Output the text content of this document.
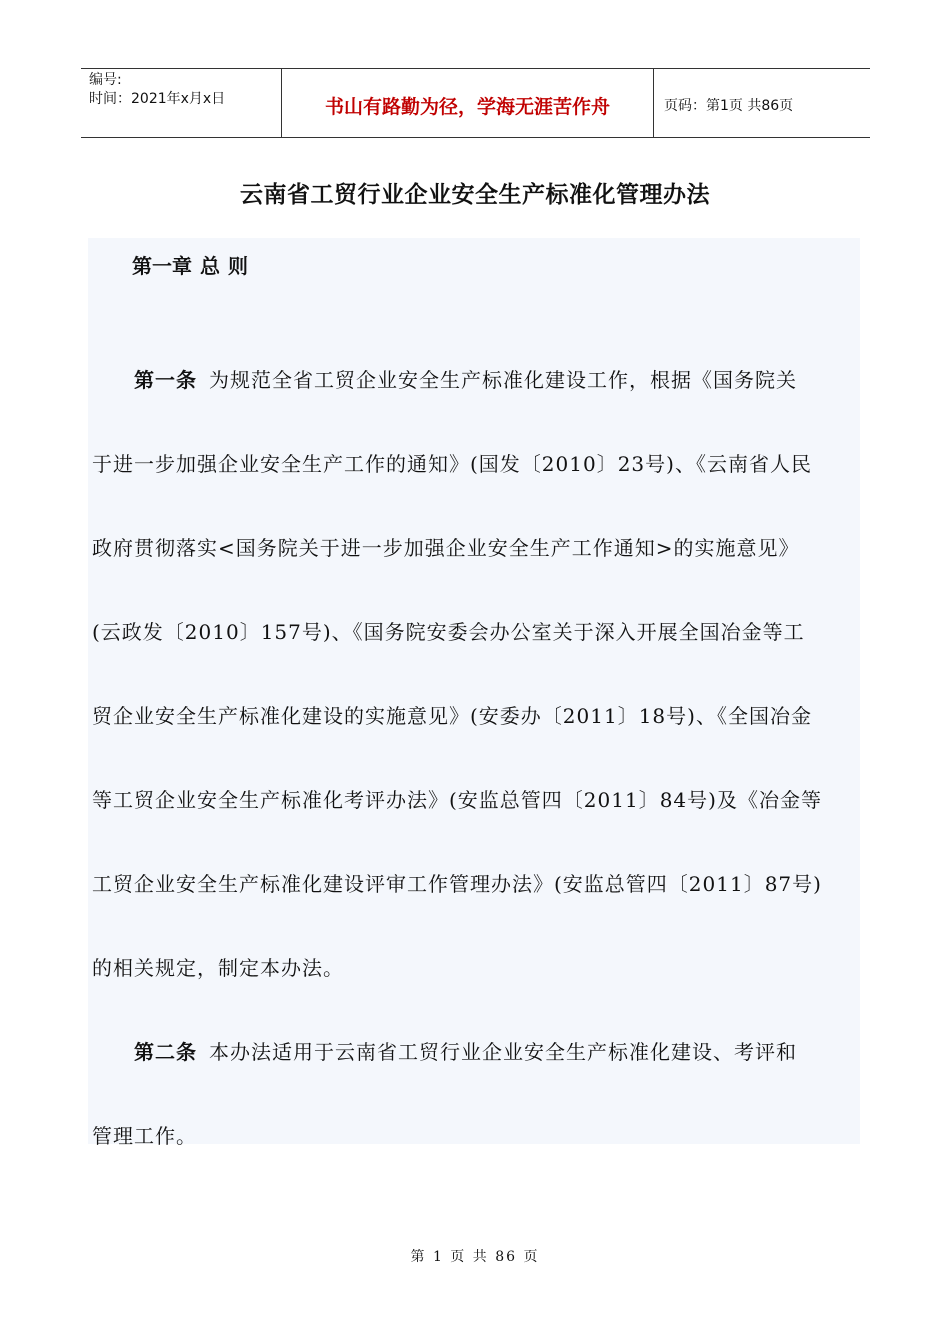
编号:
时间：2021年x月x日	书山有路勤为径，学海无涯苦作舟	页码：第1页 共86页
云南省工贸行业企业安全生产标准化管理办法
第一章 总 则
第一条 为规范全省工贸企业安全生产标准化建设工作，根据《国务院关
于进一步加强企业安全生产工作的通知》(国发〔2010〕23号)、《云南省人民
政府贯彻落实<国务院关于进一步加强企业安全生产工作通知>的实施意见》
(云政发〔2010〕157号)、《国务院安委会办公室关于深入开展全国冶金等工
贸企业安全生产标准化建设的实施意见》(安委办〔2011〕18号)、《全国冶金
等工贸企业安全生产标准化考评办法》(安监总管四〔2011〕84号)及《冶金等
工贸企业安全生产标准化建设评审工作管理办法》(安监总管四〔2011〕87号)
的相关规定，制定本办法。
第二条 本办法适用于云南省工贸行业企业安全生产标准化建设、考评和
管理工作。
第 1 页 共 86 页
